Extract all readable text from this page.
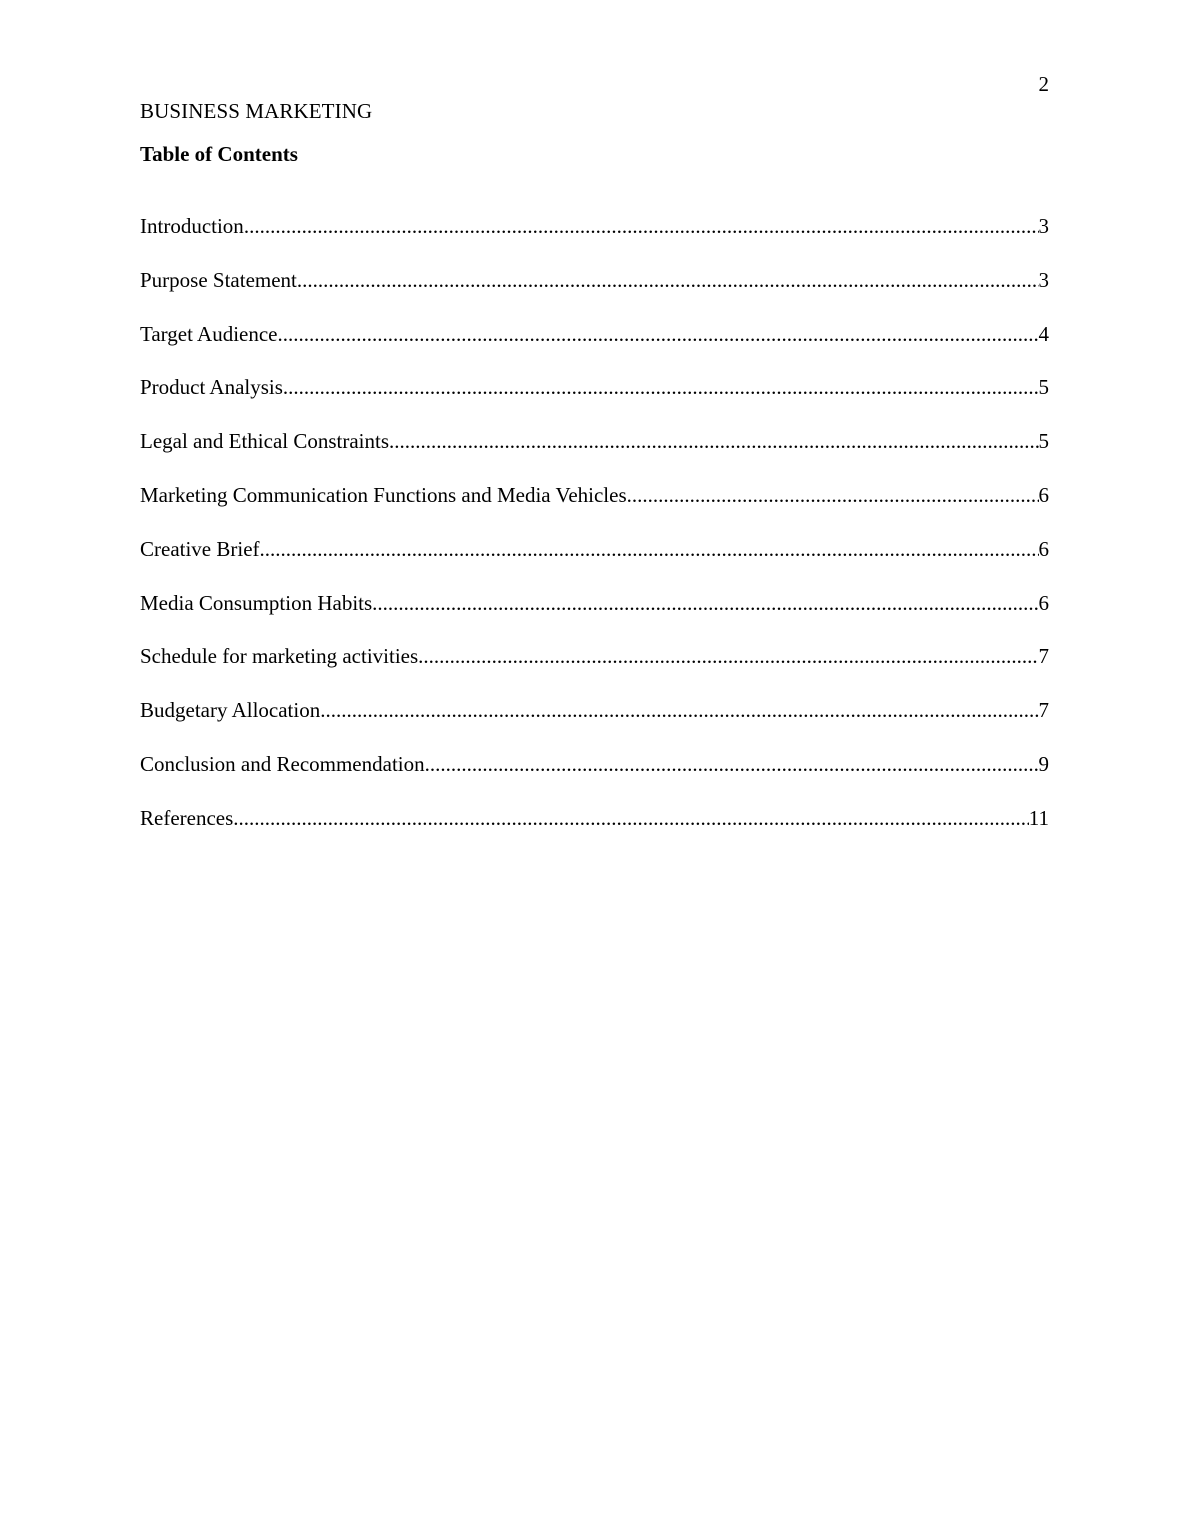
2
BUSINESS MARKETING
Table of Contents
Introduction .....	3
Purpose Statement .....	3
Target Audience .....	4
Product Analysis .....	5
Legal and Ethical Constraints .....	5
Marketing Communication Functions and Media Vehicles .....	6
Creative Brief .....	6
Media Consumption Habits .....	6
Schedule for marketing activities .....	7
Budgetary Allocation .....	7
Conclusion and Recommendation .....	9
References .....	11
